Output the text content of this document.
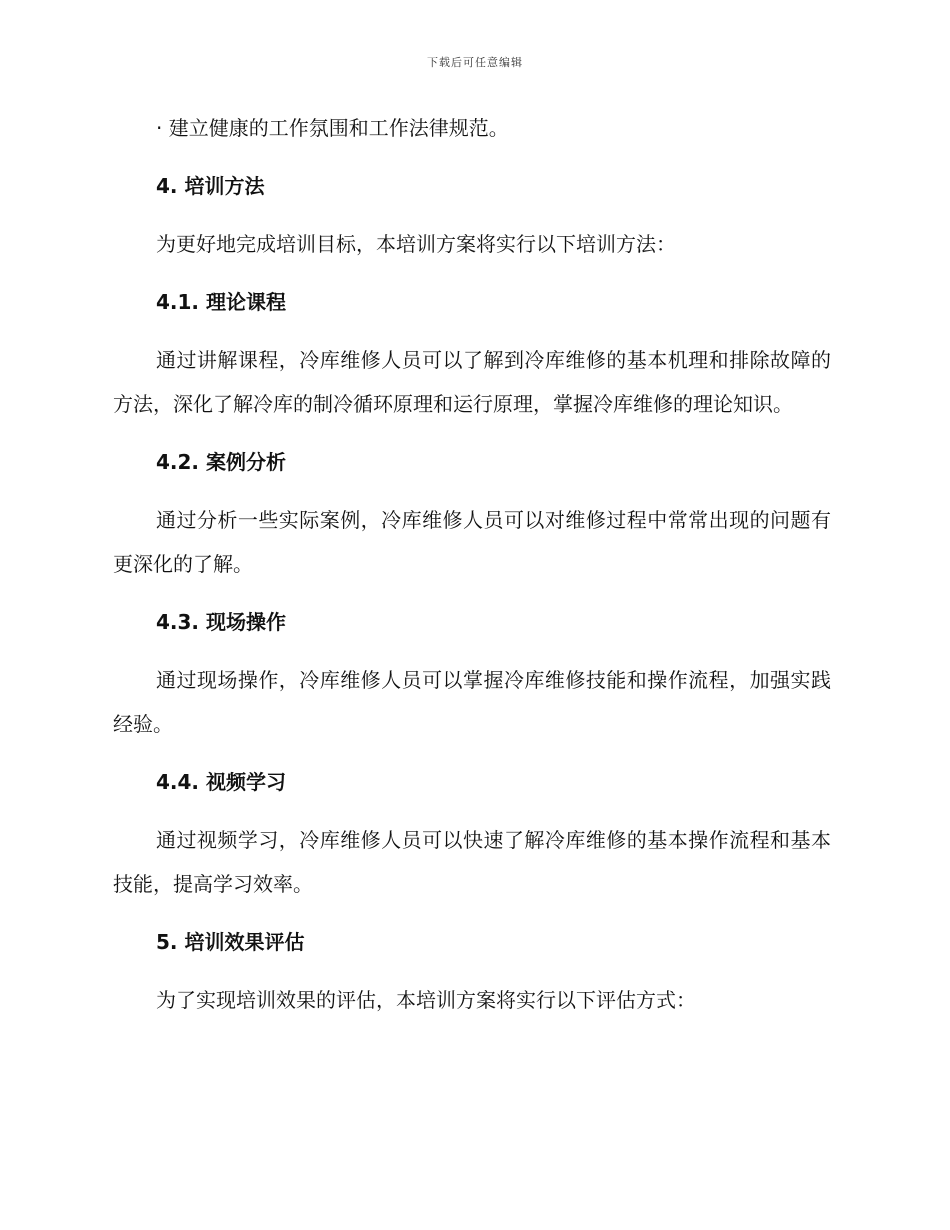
下载后可任意编辑

· 建立健康的工作氛围和工作法律规范。

4. 培训方法

为更好地完成培训目标，本培训方案将实行以下培训方法：

4.1. 理论课程

通过讲解课程，冷库维修人员可以了解到冷库维修的基本机理和排除故障的方法，深化了解冷库的制冷循环原理和运行原理，掌握冷库维修的理论知识。

4.2. 案例分析

通过分析一些实际案例，冷库维修人员可以对维修过程中常常出现的问题有更深化的了解。

4.3. 现场操作

通过现场操作，冷库维修人员可以掌握冷库维修技能和操作流程，加强实践经验。

4.4. 视频学习

通过视频学习，冷库维修人员可以快速了解冷库维修的基本操作流程和基本技能，提高学习效率。

5. 培训效果评估

为了实现培训效果的评估，本培训方案将实行以下评估方式：
